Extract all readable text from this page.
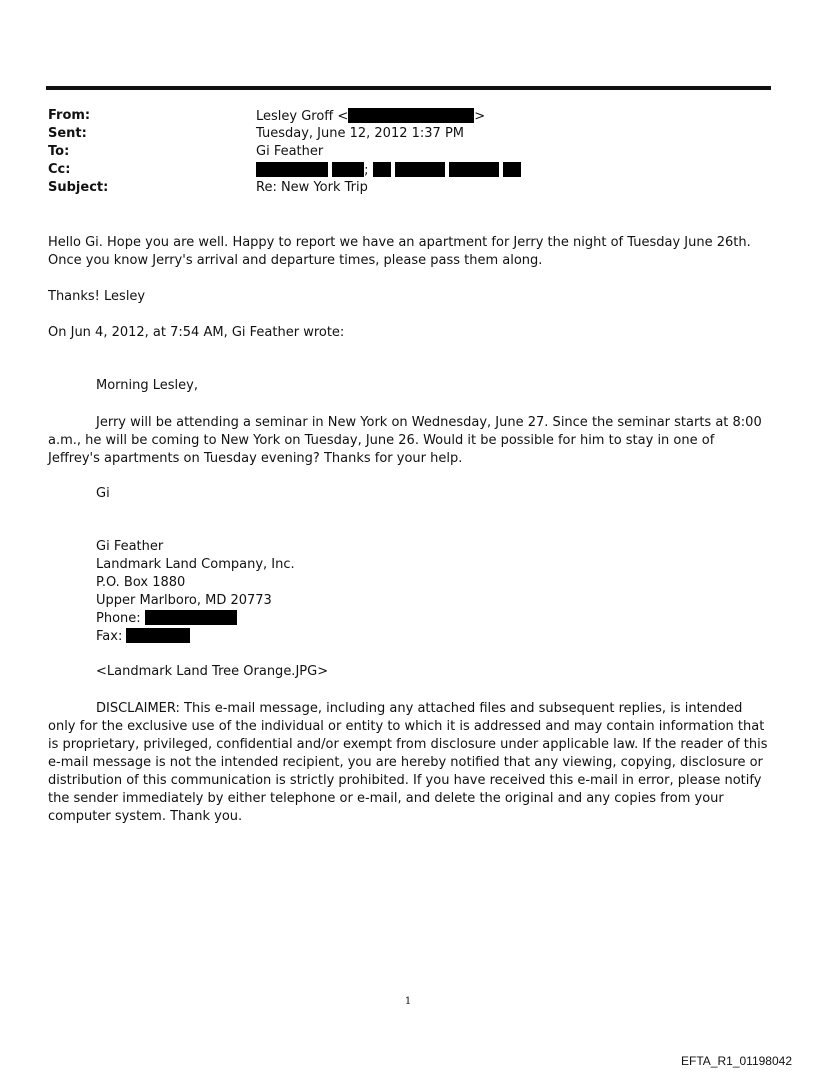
From:	Lesley Groff <	>
Sent:	Tuesday, June 12, 2012 1:37 PM
To:	Gi Feather
Cc:	;
Subject:	Re: New York Trip

Hello Gi. Hope you are well. Happy to report we have an apartment for Jerry the night of Tuesday June 26th. Once you know Jerry's arrival and departure times, please pass them along.

Thanks! Lesley

On Jun 4, 2012, at 7:54 AM, Gi Feather wrote:

Morning Lesley,

Jerry will be attending a seminar in New York on Wednesday, June 27. Since the seminar starts at 8:00 a.m., he will be coming to New York on Tuesday, June 26. Would it be possible for him to stay in one of Jeffrey's apartments on Tuesday evening? Thanks for your help.

Gi
Gi Feather
Landmark Land Company, Inc.
P.O. Box 1880
Upper Marlboro, MD 20773
Phone:
Fax:
<Landmark Land Tree Orange.JPG>

DISCLAIMER: This e-mail message, including any attached files and subsequent replies, is intended only for the exclusive use of the individual or entity to which it is addressed and may contain information that is proprietary, privileged, confidential and/or exempt from disclosure under applicable law. If the reader of this e-mail message is not the intended recipient, you are hereby notified that any viewing, copying, disclosure or distribution of this communication is strictly prohibited. If you have received this e-mail in error, please notify the sender immediately by either telephone or e-mail, and delete the original and any copies from your computer system. Thank you.

1
EFTA_R1_01198042
